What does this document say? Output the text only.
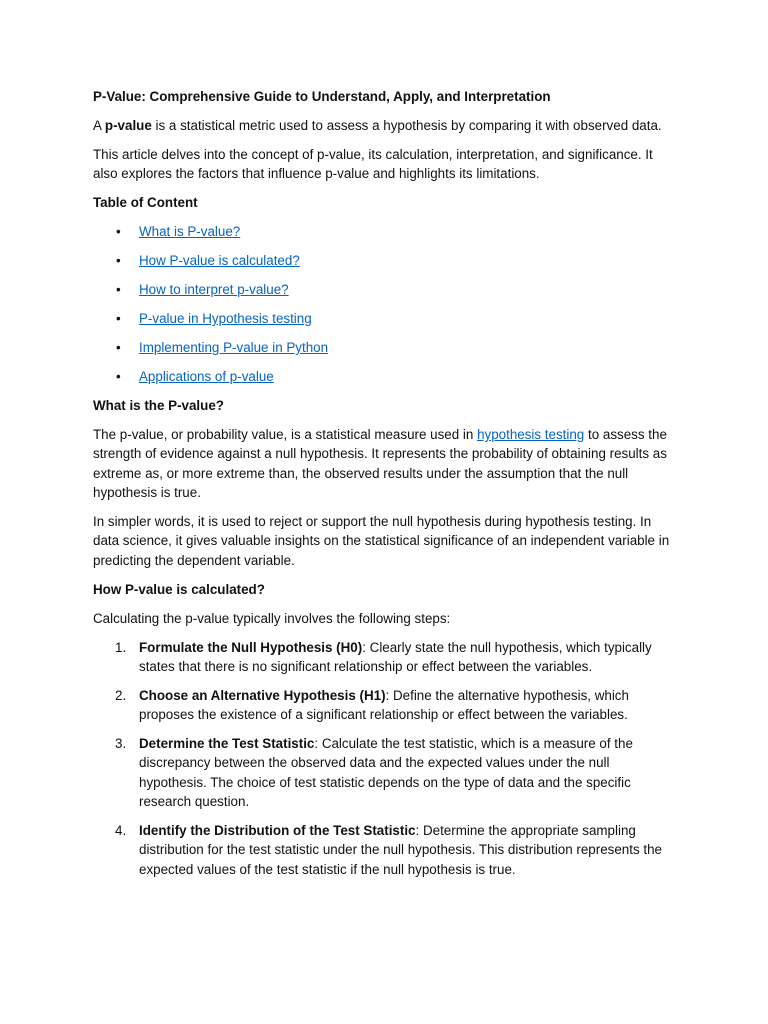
P-Value: Comprehensive Guide to Understand, Apply, and Interpretation

A p-value is a statistical metric used to assess a hypothesis by comparing it with observed data.

This article delves into the concept of p-value, its calculation, interpretation, and significance. It also explores the factors that influence p-value and highlights its limitations.

Table of Content

• What is P-value?
• How P-value is calculated?
• How to interpret p-value?
• P-value in Hypothesis testing
• Implementing P-value in Python
• Applications of p-value

What is the P-value?

The p-value, or probability value, is a statistical measure used in hypothesis testing to assess the strength of evidence against a null hypothesis. It represents the probability of obtaining results as extreme as, or more extreme than, the observed results under the assumption that the null hypothesis is true.

In simpler words, it is used to reject or support the null hypothesis during hypothesis testing. In data science, it gives valuable insights on the statistical significance of an independent variable in predicting the dependent variable.

How P-value is calculated?

Calculating the p-value typically involves the following steps:

1. Formulate the Null Hypothesis (H0): Clearly state the null hypothesis, which typically states that there is no significant relationship or effect between the variables.
2. Choose an Alternative Hypothesis (H1): Define the alternative hypothesis, which proposes the existence of a significant relationship or effect between the variables.
3. Determine the Test Statistic: Calculate the test statistic, which is a measure of the discrepancy between the observed data and the expected values under the null hypothesis. The choice of test statistic depends on the type of data and the specific research question.
4. Identify the Distribution of the Test Statistic: Determine the appropriate sampling distribution for the test statistic under the null hypothesis. This distribution represents the expected values of the test statistic if the null hypothesis is true.
